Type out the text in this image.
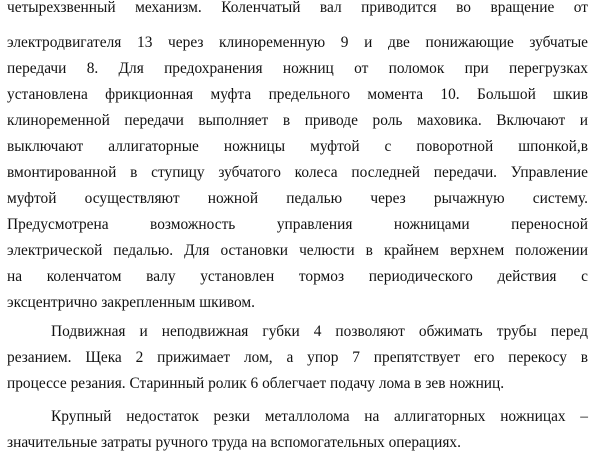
четырехзвенный механизм. Коленчатый вал приводится во вращение от
электродвигателя 13 через клиноременную 9 и две понижающие зубчатые
передачи 8. Для предохранения ножниц от поломок при перегрузках
установлена фрикционная муфта предельного момента 10. Большой шкив
клиноременной передачи выполняет в приводе роль маховика. Включают и
выключают аллигаторные ножницы муфтой с поворотной шпонкой,в
вмонтированной в ступицу зубчатого колеса последней передачи. Управление
муфтой осуществляют ножной педалью через рычажную систему.
Предусмотрена возможность управления ножницами переносной
электрической педалью. Для остановки челюсти в крайнем верхнем положении
на коленчатом валу установлен тормоз периодического действия с
эксцентрично закрепленным шкивом.
Подвижная и неподвижная губки 4 позволяют обжимать трубы перед
резанием. Щека 2 прижимает лом, а упор 7 препятствует его перекосу в
процессе резания. Старинный ролик 6 облегчает подачу лома в зев ножниц.
Крупный недостаток резки металлолома на аллигаторных ножницах –
значительные затраты ручного труда на вспомогательных операциях.
